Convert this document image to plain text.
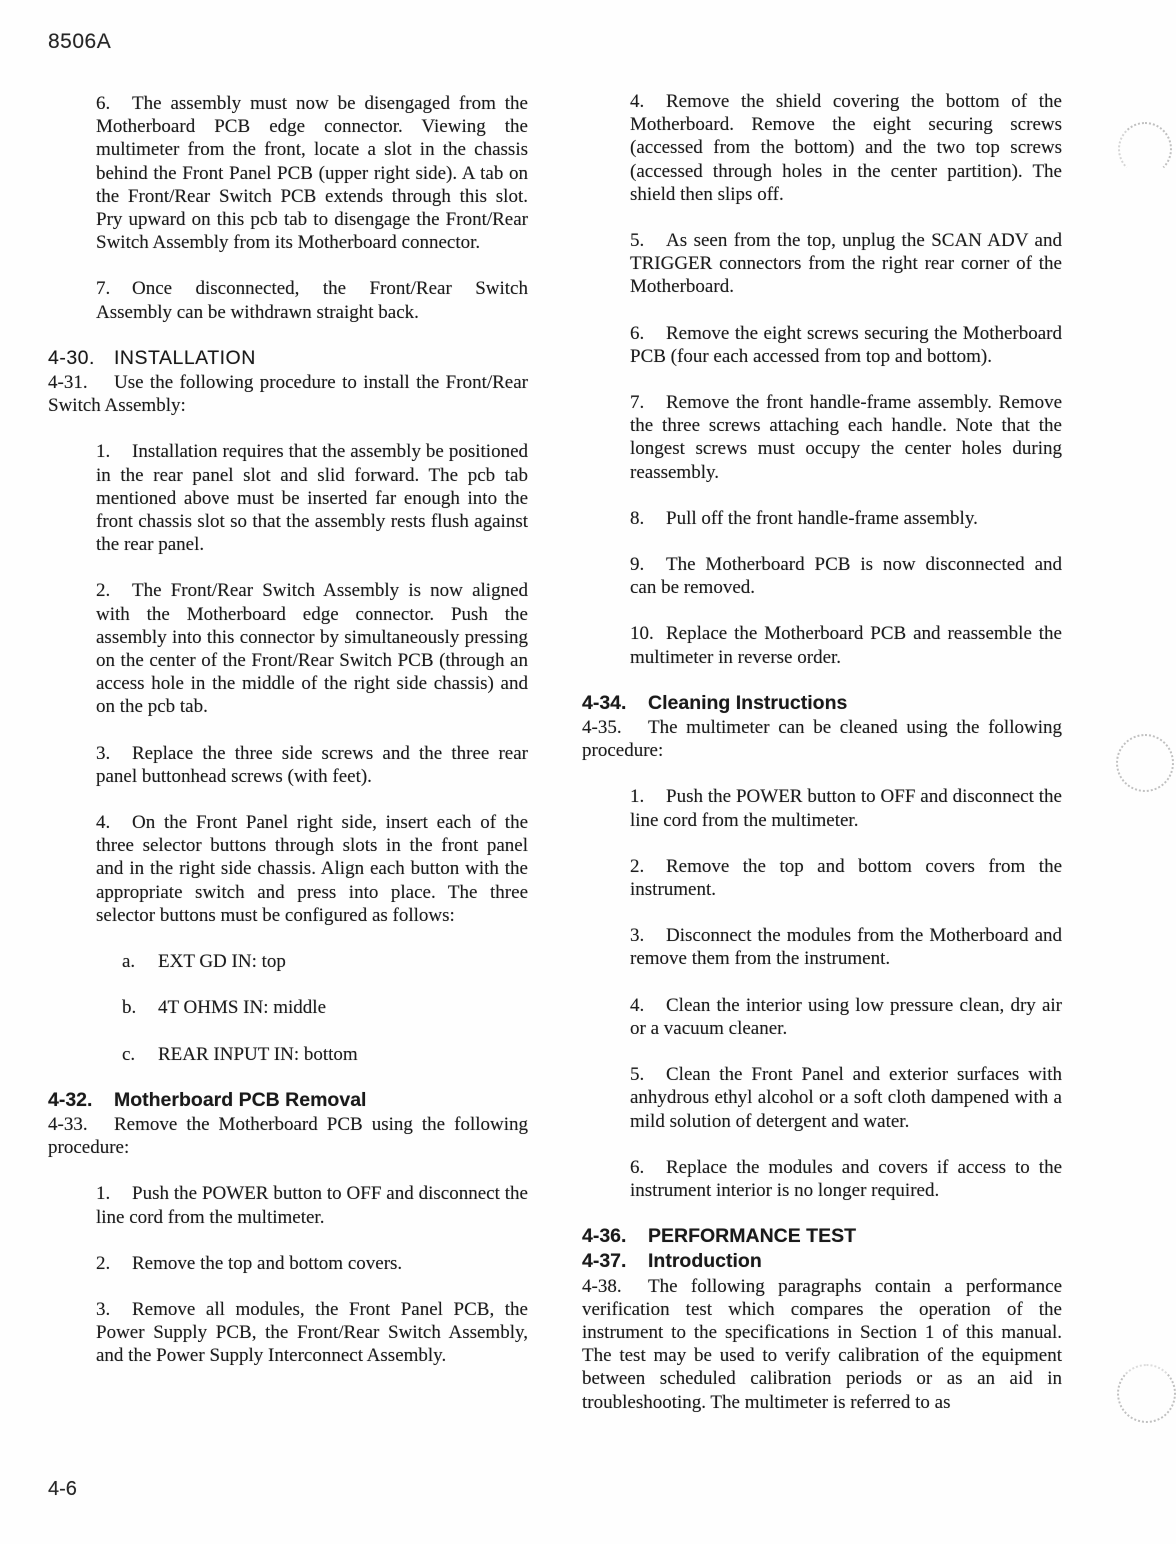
8506A
6. The assembly must now be disengaged from the Motherboard PCB edge connector. Viewing the multimeter from the front, locate a slot in the chassis behind the Front Panel PCB (upper right side). A tab on the Front/Rear Switch PCB extends through this slot. Pry upward on this pcb tab to disengage the Front/Rear Switch Assembly from its Motherboard connector.
7. Once disconnected, the Front/Rear Switch Assembly can be withdrawn straight back.
4-30. INSTALLATION
4-31. Use the following procedure to install the Front/Rear Switch Assembly:
1. Installation requires that the assembly be positioned in the rear panel slot and slid forward. The pcb tab mentioned above must be inserted far enough into the front chassis slot so that the assembly rests flush against the rear panel.
2. The Front/Rear Switch Assembly is now aligned with the Motherboard edge connector. Push the assembly into this connector by simultaneously pressing on the center of the Front/Rear Switch PCB (through an access hole in the middle of the right side chassis) and on the pcb tab.
3. Replace the three side screws and the three rear panel buttonhead screws (with feet).
4. On the Front Panel right side, insert each of the three selector buttons through slots in the front panel and in the right side chassis. Align each button with the appropriate switch and press into place. The three selector buttons must be configured as follows:
a. EXT GD IN: top
b. 4T OHMS IN: middle
c. REAR INPUT IN: bottom
4-32. Motherboard PCB Removal
4-33. Remove the Motherboard PCB using the following procedure:
1. Push the POWER button to OFF and disconnect the line cord from the multimeter.
2. Remove the top and bottom covers.
3. Remove all modules, the Front Panel PCB, the Power Supply PCB, the Front/Rear Switch Assembly, and the Power Supply Interconnect Assembly.
4. Remove the shield covering the bottom of the Motherboard. Remove the eight securing screws (accessed from the bottom) and the two top screws (accessed through holes in the center partition). The shield then slips off.
5. As seen from the top, unplug the SCAN ADV and TRIGGER connectors from the right rear corner of the Motherboard.
6. Remove the eight screws securing the Motherboard PCB (four each accessed from top and bottom).
7. Remove the front handle-frame assembly. Remove the three screws attaching each handle. Note that the longest screws must occupy the center holes during reassembly.
8. Pull off the front handle-frame assembly.
9. The Motherboard PCB is now disconnected and can be removed.
10. Replace the Motherboard PCB and reassemble the multimeter in reverse order.
4-34. Cleaning Instructions
4-35. The multimeter can be cleaned using the following procedure:
1. Push the POWER button to OFF and disconnect the line cord from the multimeter.
2. Remove the top and bottom covers from the instrument.
3. Disconnect the modules from the Motherboard and remove them from the instrument.
4. Clean the interior using low pressure clean, dry air or a vacuum cleaner.
5. Clean the Front Panel and exterior surfaces with anhydrous ethyl alcohol or a soft cloth dampened with a mild solution of detergent and water.
6. Replace the modules and covers if access to the instrument interior is no longer required.
4-36. PERFORMANCE TEST
4-37. Introduction
4-38. The following paragraphs contain a performance verification test which compares the operation of the instrument to the specifications in Section 1 of this manual. The test may be used to verify calibration of the equipment between scheduled calibration periods or as an aid in troubleshooting. The multimeter is referred to as
4-6
